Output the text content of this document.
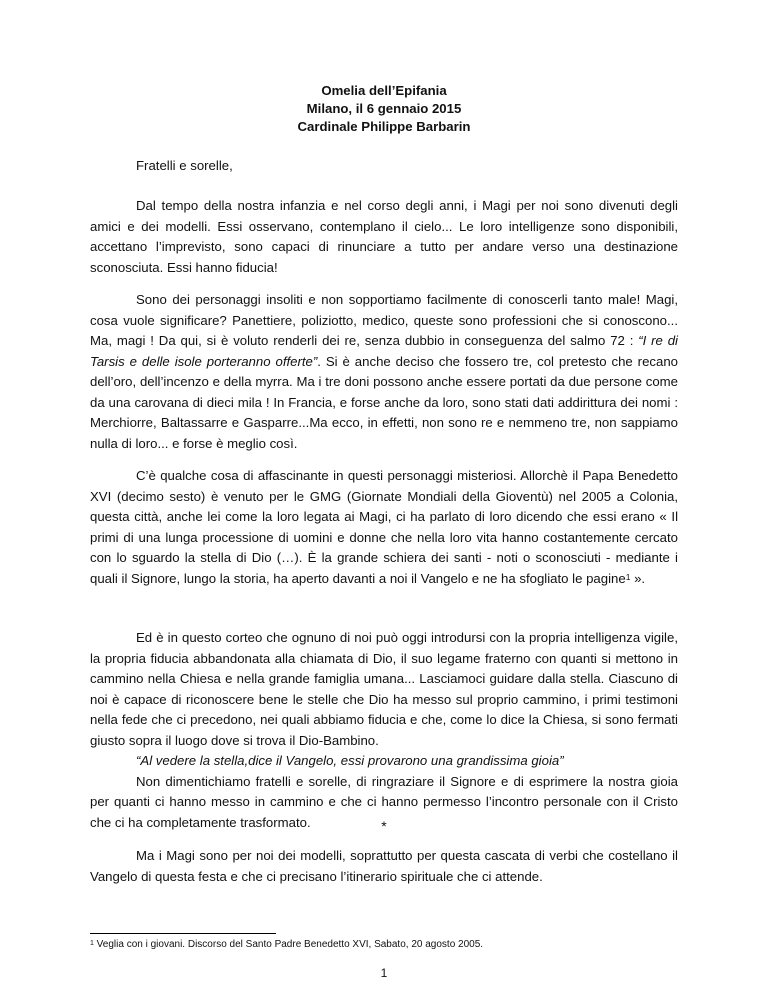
Omelia dell’Epifania
Milano, il 6 gennaio 2015
Cardinale Philippe Barbarin

Fratelli e sorelle,

Dal tempo della nostra infanzia e nel corso degli anni, i Magi per noi sono divenuti degli amici e dei modelli. Essi osservano, contemplano il cielo... Le loro intelligenze sono disponibili, accettano l’imprevisto, sono capaci di rinunciare a tutto per andare verso una destinazione sconosciuta. Essi hanno fiducia!

Sono dei personaggi insoliti e non sopportiamo facilmente di conoscerli tanto male! Magi, cosa vuole significare? Panettiere, poliziotto, medico, queste sono professioni che si conoscono... Ma, magi ! Da qui, si è voluto renderli dei re, senza dubbio in conseguenza del salmo 72 : “I re di Tarsis e delle isole porteranno offerte”. Si è anche deciso che fossero tre, col pretesto che recano dell’oro, dell’incenzo e della myrra. Ma i tre doni possono anche essere portati da due persone come da una carovana di dieci mila ! In Francia, e forse anche da loro, sono stati dati addirittura dei nomi : Merchiorre, Baltassarre e Gasparre...Ma ecco, in effetti, non sono re e nemmeno tre, non sappiamo nulla di loro... e forse è meglio così.

C’è qualche cosa di affascinante in questi personaggi misteriosi. Allorchè il Papa Benedetto XVI (decimo sesto) è venuto per le GMG (Giornate Mondiali della Gioventù) nel 2005 a Colonia, questa città, anche lei come la loro legata ai Magi, ci ha parlato di loro dicendo che essi erano « Il primi di una lunga processione di uomini e donne che nella loro vita hanno costantemente cercato con lo sguardo la stella di Dio (…). È la grande schiera dei santi - noti o sconosciuti - mediante i quali il Signore, lungo la storia, ha aperto davanti a noi il Vangelo e ne ha sfogliato le pagine$^1$ ».

Ed è in questo corteo che ognuno di noi può oggi introdursi con la propria intelligenza vigile, la propria fiducia abbandonata alla chiamata di Dio, il suo legame fraterno con quanti si mettono in cammino nella Chiesa e nella grande famiglia umana... Lasciamoci guidare dalla stella. Ciascuno di noi è capace di riconoscere bene le stelle che Dio ha messo sul proprio cammino, i primi testimoni nella fede che ci precedono, nei quali abbiamo fiducia e che, come lo dice la Chiesa, si sono fermati giusto sopra il luogo dove si trova il Dio-Bambino.

“Al vedere la stella,dice il Vangelo, essi provarono una grandissima gioia”

Non dimentichiamo fratelli e sorelle, di ringraziare il Signore e di esprimere la nostra gioia per quanti ci hanno messo in cammino e che ci hanno permesso l’incontro personale con il Cristo che ci ha completamente trasformato.	*

Ma i Magi sono per noi dei modelli, soprattutto per questa cascata di verbi che costellano il Vangelo di questa festa e che ci precisano l’itinerario spirituale che ci attende.

$^1$ Veglia con i giovani. Discorso del Santo Padre Benedetto XVI, Sabato, 20 agosto 2005.
1
